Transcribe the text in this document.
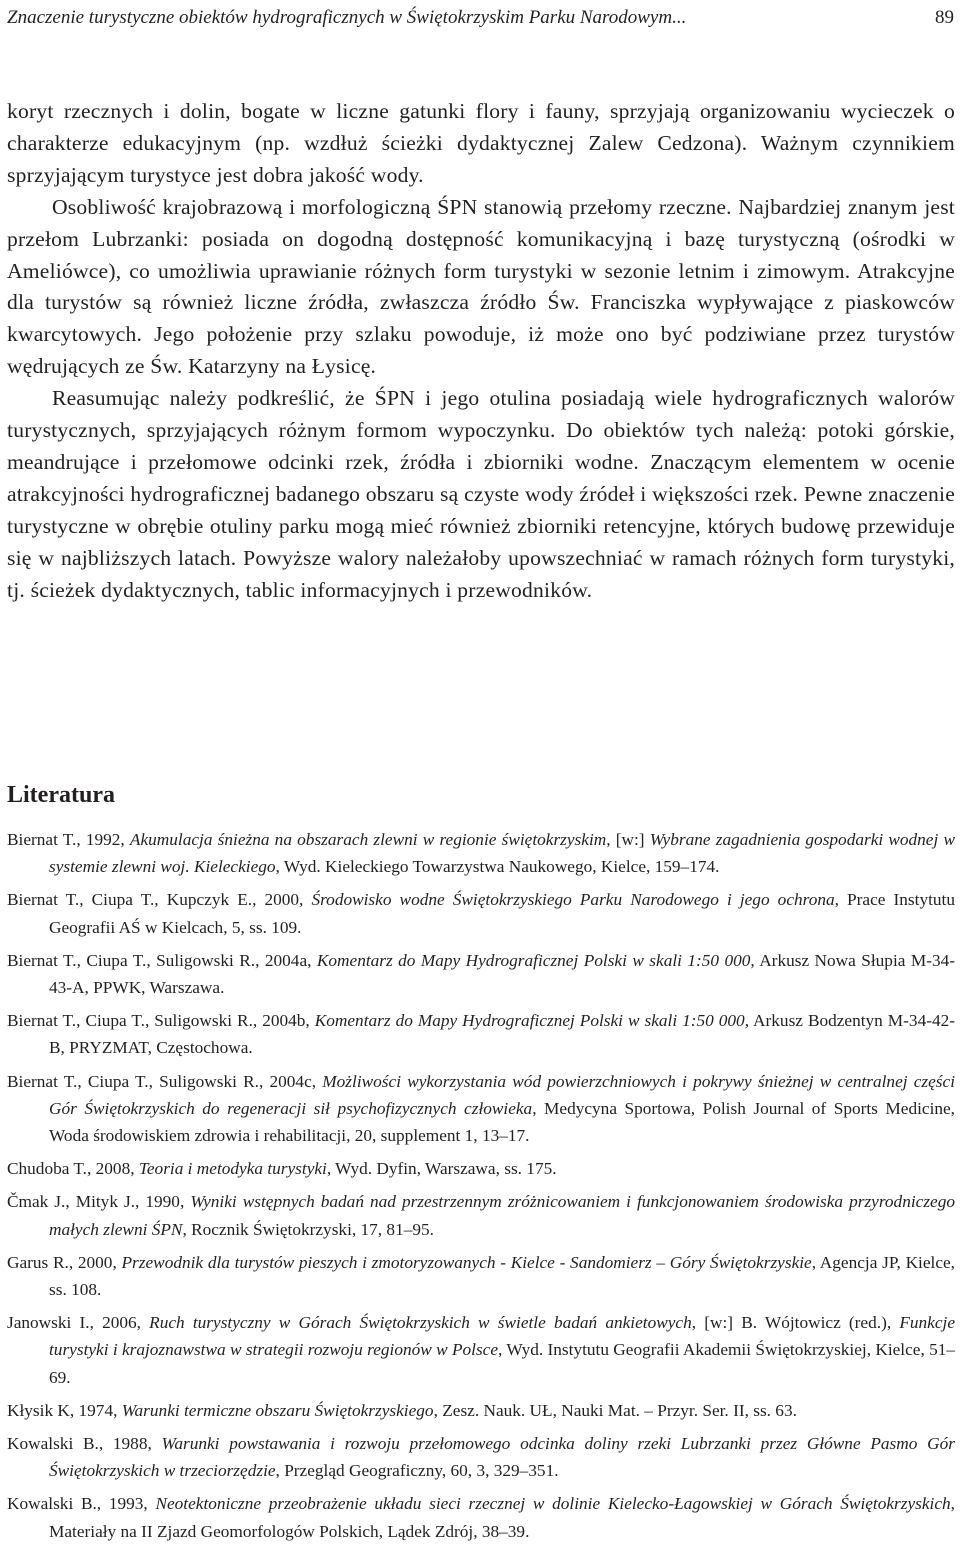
Znaczenie turystyczne obiektów hydrograficznych w Świętokrzyskim Parku Narodowym...	89

koryt rzecznych i dolin, bogate w liczne gatunki flory i fauny, sprzyjają organizowaniu wycieczek o charakterze edukacyjnym (np. wzdłuż ścieżki dydaktycznej Zalew Cedzona). Ważnym czynnikiem sprzyjającym turystyce jest dobra jakość wody.

Osobliwość krajobrazową i morfologiczną ŚPN stanowią przełomy rzeczne. Najbardziej znanym jest przełom Lubrzanki: posiada on dogodną dostępność komunikacyjną i bazę turystyczną (ośrodki w Ameliówce), co umożliwia uprawianie różnych form turystyki w sezonie letnim i zimowym. Atrakcyjne dla turystów są również liczne źródła, zwłaszcza źródło Św. Franciszka wypływające z piaskowców kwarcytowych. Jego położenie przy szlaku powoduje, iż może ono być podziwiane przez turystów wędrujących ze Św. Katarzyny na Łysicę.

Reasumując należy podkreślić, że ŚPN i jego otulina posiadają wiele hydrograficznych walorów turystycznych, sprzyjających różnym formom wypoczynku. Do obiektów tych należą: potoki górskie, meandrujące i przełomowe odcinki rzek, źródła i zbiorniki wodne. Znaczącym elementem w ocenie atrakcyjności hydrograficznej badanego obszaru są czyste wody źródeł i większości rzek. Pewne znaczenie turystyczne w obrębie otuliny parku mogą mieć również zbiorniki retencyjne, których budowę przewiduje się w najbliższych latach. Powyższe walory należałoby upowszechniać w ramach różnych form turystyki, tj. ścieżek dydaktycznych, tablic informacyjnych i przewodników.

Literatura

Biernat T., 1992, Akumulacja śnieżna na obszarach zlewni w regionie świętokrzyskim, [w:] Wybrane zagadnienia gospodarki wodnej w systemie zlewni woj. Kieleckiego, Wyd. Kieleckiego Towarzystwa Naukowego, Kielce, 159–174.

Biernat T., Ciupa T., Kupczyk E., 2000, Środowisko wodne Świętokrzyskiego Parku Narodowego i jego ochrona, Prace Instytutu Geografii AŚ w Kielcach, 5, ss. 109.

Biernat T., Ciupa T., Suligowski R., 2004a, Komentarz do Mapy Hydrograficznej Polski w skali 1:50 000, Arkusz Nowa Słupia M-34-43-A, PPWK, Warszawa.

Biernat T., Ciupa T., Suligowski R., 2004b, Komentarz do Mapy Hydrograficznej Polski w skali 1:50 000, Arkusz Bodzentyn M-34-42-B, PRYZMAT, Częstochowa.

Biernat T., Ciupa T., Suligowski R., 2004c, Możliwości wykorzystania wód powierzchniowych i pokrywy śnieżnej w centralnej części Gór Świętokrzyskich do regeneracji sił psychofizycznych człowieka, Medycyna Sportowa, Polish Journal of Sports Medicine, Woda środowiskiem zdrowia i rehabilitacji, 20, supplement 1, 13–17.

Chudoba T., 2008, Teoria i metodyka turystyki, Wyd. Dyfin, Warszawa, ss. 175.

Čmak J., Mityk J., 1990, Wyniki wstępnych badań nad przestrzennym zróżnicowaniem i funkcjonowaniem środowiska przyrodniczego małych zlewni ŚPN, Rocznik Świętokrzyski, 17, 81–95.

Garus R., 2000, Przewodnik dla turystów pieszych i zmotoryzowanych - Kielce - Sandomierz – Góry Świętokrzyskie, Agencja JP, Kielce, ss. 108.

Janowski I., 2006, Ruch turystyczny w Górach Świętokrzyskich w świetle badań ankietowych, [w:] B. Wójtowicz (red.), Funkcje turystyki i krajoznawstwa w strategii rozwoju regionów w Polsce, Wyd. Instytutu Geografii Akademii Świętokrzyskiej, Kielce, 51–69.

Kłysik K, 1974, Warunki termiczne obszaru Świętokrzyskiego, Zesz. Nauk. UŁ, Nauki Mat. – Przyr. Ser. II, ss. 63.

Kowalski B., 1988, Warunki powstawania i rozwoju przełomowego odcinka doliny rzeki Lubrzanki przez Główne Pasmo Gór Świętokrzyskich w trzeciorzędzie, Przegląd Geograficzny, 60, 3, 329–351.

Kowalski B., 1993, Neotektoniczne przeobrażenie układu sieci rzecznej w dolinie Kielecko-Łagowskiej w Górach Świętokrzyskich, Materiały na II Zjazd Geomorfologów Polskich, Lądek Zdrój, 38–39.
